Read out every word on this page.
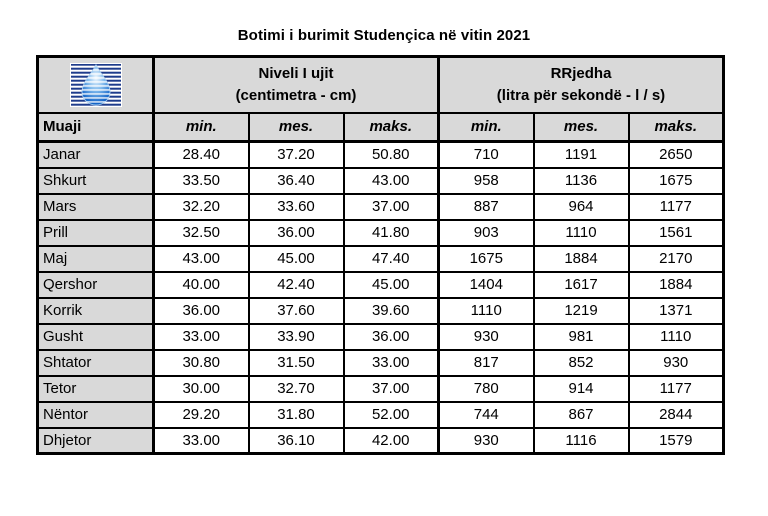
Botimi i burimit Studençica në vitin 2021

Niveli I ujit
(centimetra - cm)

RRjedha
(litra për sekondë - l / s)

Muaji	min.	mes.	maks.	min.	mes.	maks.
Janar	28.40	37.20	50.80	710	1191	2650
Shkurt	33.50	36.40	43.00	958	1136	1675
Mars	32.20	33.60	37.00	887	964	1177
Prill	32.50	36.00	41.80	903	1110	1561
Maj	43.00	45.00	47.40	1675	1884	2170
Qershor	40.00	42.40	45.00	1404	1617	1884
Korrik	36.00	37.60	39.60	1110	1219	1371
Gusht	33.00	33.90	36.00	930	981	1110
Shtator	30.80	31.50	33.00	817	852	930
Tetor	30.00	32.70	37.00	780	914	1177
Nëntor	29.20	31.80	52.00	744	867	2844
Dhjetor	33.00	36.10	42.00	930	1116	1579
